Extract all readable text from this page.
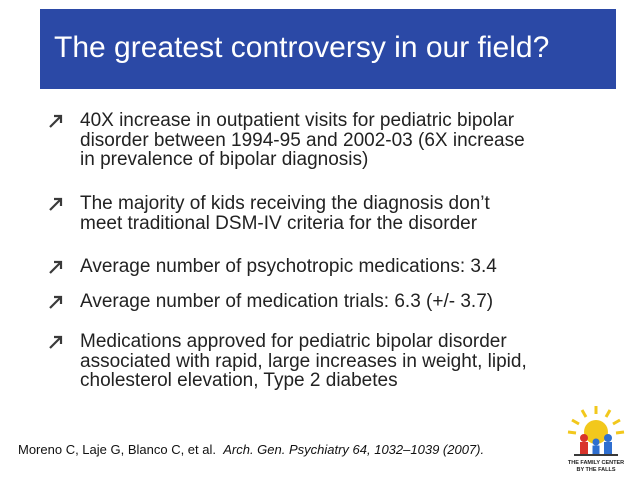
The greatest controversy in our field?
40X increase in outpatient visits for pediatric bipolar
disorder between 1994-95 and 2002-03 (6X increase
in prevalence of bipolar diagnosis)
The majority of kids receiving the diagnosis don’t
meet traditional DSM-IV criteria for the disorder
Average number of psychotropic medications: 3.4
Average number of medication trials: 6.3 (+/- 3.7)
Medications approved for pediatric bipolar disorder
associated with rapid, large increases in weight, lipid,
cholesterol elevation, Type 2 diabetes
Moreno C, Laje G, Blanco C, et al. Arch. Gen. Psychiatry 64, 1032–1039 (2007).
THE FAMILY CENTER
BY THE FALLS
